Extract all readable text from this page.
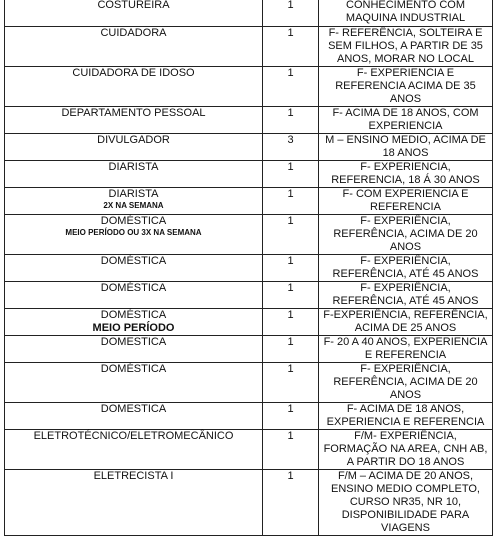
COSTUREIRA	1	CONHECIMENTO COM MAQUINA INDUSTRIAL
CUIDADORA	1	F- REFERÊNCIA, SOLTEIRA E SEM FILHOS, A PARTIR DE 35 ANOS, MORAR NO LOCAL
CUIDADORA DE IDOSO	1	F- EXPERIENCIA E REFERENCIA ACIMA DE 35 ANOS
DEPARTAMENTO PESSOAL	1	F- ACIMA DE 18 ANOS, COM EXPERIENCIA
DIVULGADOR	3	M – ENSINO MEDIO, ACIMA DE 18 ANOS
DIARISTA	1	F- EXPERIENCIA, REFERENCIA, 18 Á 30 ANOS
DIARISTA
2X NA SEMANA	1	F- COM EXPERIENCIA E REFERENCIA
DOMÉSTICA
MEIO PERÍODO OU 3X NA SEMANA	1	F- EXPERIÊNCIA, REFERÊNCIA, ACIMA DE 20 ANOS
DOMÉSTICA	1	F- EXPERIÊNCIA, REFERÊNCIA, ATÉ 45 ANOS
DOMÉSTICA	1	F- EXPERIÊNCIA, REFERÊNCIA, ATÉ 45 ANOS
DOMÉSTICA
MEIO PERÍODO	1	F-EXPERIÊNCIA, REFERÊNCIA, ACIMA DE 25 ANOS
DOMESTICA	1	F- 20 A 40 ANOS, EXPERIENCIA E REFERENCIA
DOMÉSTICA	1	F- EXPERIÊNCIA, REFERÊNCIA, ACIMA DE 20 ANOS
DOMESTICA	1	F- ACIMA DE 18 ANOS, EXPERIENCIA E REFERENCIA
ELETROTÉCNICO/ELETROMECÂNICO	1	F/M- EXPERIÊNCIA, FORMAÇÃO NA AREA, CNH AB, A PARTIR DO 18 ANOS
ELETRECISTA I	1	F/M – ACIMA DE 20 ANOS, ENSINO MEDIO COMPLETO, CURSO NR35, NR 10, DISPONIBILIDADE PARA VIAGENS
